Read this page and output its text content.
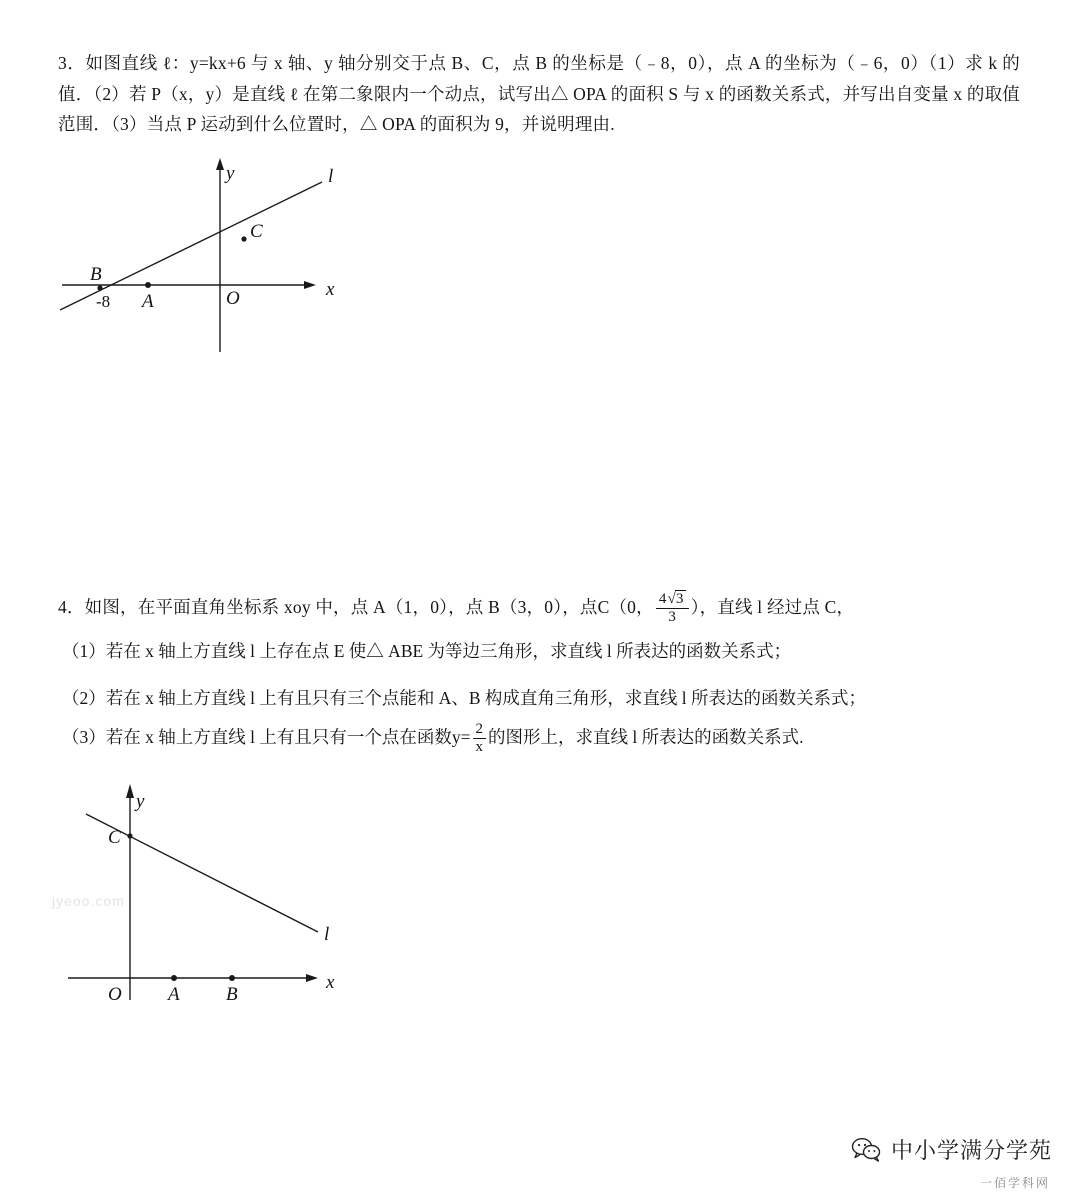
3．如图直线 ℓ：y=kx+6 与 x 轴、y 轴分别交于点 B、C，点 B 的坐标是（﹣8，0），点 A 的坐标为（﹣6，0）（1）求 k 的值．（2）若 P（x，y）是直线 ℓ 在第二象限内一个动点，试写出△ OPA 的面积 S 与 x 的函数关系式，并写出自变量 x 的取值范围．（3）当点 P 运动到什么位置时，△ OPA 的面积为 9，并说明理由.
y
x
l
C
B
A	O
-8
4．如图，在平面直角坐标系 xoy 中，点 A（1，0），点 B（3，0），点C（0， $\frac{4√3}{3}$ ），直线 l 经过点 C，
（1）若在 x 轴上方直线 l 上存在点 E 使△ ABE 为等边三角形，求直线 l 所表达的函数关系式；
（2）若在 x 轴上方直线 l 上有且只有三个点能和 A、B 构成直角三角形，求直线 l 所表达的函数关系式；
（3）若在 x 轴上方直线 l 上有且只有一个点在函数$y= \frac{2}{x}$ 的图形上，求直线 l 所表达的函数关系式.
y
x
l
C
A B
O
jyeoo.com
中小学满分学苑
一佰学科网
